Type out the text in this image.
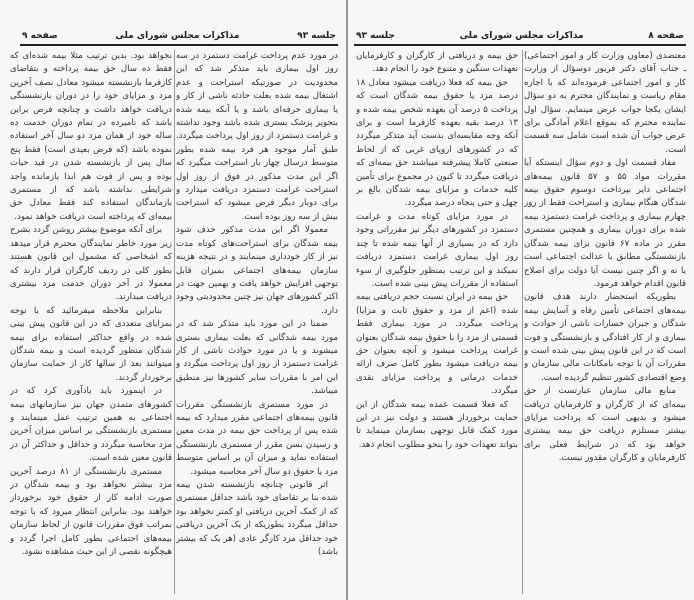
جلسه ۹۳
مذاکرات مجلس شورای ملی
صفحه ۹

در مورد عدم پرداخت غرامت دستمزد در سه روز اول بیماری باید متذکر شد که این محدودیت در صورتیکه استراحت و عدم اشتغال بیمه شده بعلت حادثه ناشی از کار و یا بیماری حرفه‌ای باشد و یا آنکه بیمه شده بتجویز پزشک بستری شده باشد وجود نداشته و غرامت دستمزد از روز اول پرداخت میگردد. طبق آمار موجود هر فرد بیمه شده بطور متوسط درسال چهار بار استراحت میگیرد که اگر این مدت مذکور در فوق از روز اول استراحت غرامت دستمزد دریافت میدارد و برای دوبار دیگر فرض میشود که استراحت بیش از سه روز بوده است.

معمولا اگر این مدت مذکور حذف شود بیمه شدگان برای استراحت‌های کوتاه مدت نیز از کار خودداری مینمایند و در نتیجه هزینه سازمان بیمه‌های اجتماعی بمیزان قابل توجهی افزایش خواهد یافت و بهمین جهت در اکثر کشورهای جهان نیز چنین محدودیتی وجود دارد.

ضمنا در این مورد باید متذکر شد که در مورد بیمه شدگانی که بعلت بیماری بستری میشوند و یا در مورد حوادث ناشی از کار غرامت دستمزد از روز اول پرداخت میگردد و این امر با مقررات سایر کشورها نیز منطبق میباشد.

در مورد مستمری بازنشستگی مقررات قانون بیمه‌های اجتماعی مقرر میدارد که بیمه شده پس از پرداخت حق بیمه در مدت معین و رسیدن بسن مقرر از مستمری بازنشستگی استفاده نماید و میزان آن بر اساس متوسط مزد یا حقوق دو سال آخر محاسبه میشود.

اثر قانونی چنانچه بازنشسته شدن بیمه شده بنا بر تقاضای خود باشد حداقل مستمری که از کمک آخرین دریافتی او کمتر نخواهد بود حداقل میگردد بطوریکه از یک آخرین دریافتی خود حداقل مزد کارگر عادی (هر یک که بیشتر باشد)

نخواهد بود. بدین ترتیب مثلا بیمه شده‌ای که فقط ده سال حق بیمه پرداخته و بتقاضای کارفرما بازنشسته میشود معادل نصف آخرین مزد و مزایای خود را در دوران بازنشستگی دریافت خواهد داشت و چنانچه فرض براین باشد که نامبرده در تمام دوران خدمت ده ساله خود از همان مزد دو سال آخر استفاده نموده باشد (که فرض بعیدی است) فقط پنج سال پس از بازنشسته شدن در قید حیات بوده و پس از فوت هم ابدا بازمانده واجد شرایطی نداشته باشد که از مستمری بازماندگان استفاده کند فقط معادل حق بیمه‌ای که پرداخته است دریافت خواهد نمود.

برای آنکه موضوع بیشتر روشن گردد بشرح زیر مورد خاطر نمایندگان محترم قرار میدهد که اشخاصی که مشمول این قانون هستند بطور کلی در ردیف کارگران قرار دارند که معمولا در آخر دوران خدمت مزد بیشتری دریافت میدارند.

بنابراین ملاحظه میفرمائید که با توجه بمزایای متعددی که در این قانون پیش بینی شده در واقع حداکثر استفاده برای بیمه شدگان منظور گردیده است و بیمه شدگان میتوانند بعد از سالها کار از حمایت سازمان برخوردار گردند.

در اینمورد باید یادآوری کرد که در کشورهای متمدن جهان نیز سازمانهای بیمه اجتماعی به همین ترتیب عمل مینمایند و مستمری بازنشستگی بر اساس میزان آخرین مزد محاسبه میگردد و حداقل و حداکثر آن در قانون معین شده است.

مستمری بازنشستگی از ۸۱ درصد آخرین مزد بیشتر نخواهد بود و بیمه شدگان در صورت ادامه کار از حقوق خود برخوردار خواهند بود. بنابراین انتظار میرود که با توجه بمراتب فوق مقررات قانون از لحاظ سازمان بیمه‌های اجتماعی بطور کامل اجرا گردد و هیچگونه نقصی از این حیث مشاهده نشود.

صفحه ۸
مذاکرات مجلس شورای ملی
جلسه ۹۳

معتضدی (معاون وزارت کار و امور اجتماعی) ـ جناب آقای دکتر فریور دوسؤال از وزارت کار و امور اجتماعی فرموده‌اند که با اجازه مقام ریاست و نمایندگان محترم به دو سؤال ایشان یکجا جواب عرض مینمایم. سؤال اول نماینده محترم که بموقع اعلام آمادگی برای عرض جواب آن شده است شامل سه قسمت است.

مفاد قسمت اول و دوم سؤال اینستکه آیا مقررات مواد ۵۵ و ۵۷ قانون بیمه‌های اجتماعی دایر بپرداخت دوسوم حقوق بیمه شدگان هنگام بیماری و استراحت فقط از روز چهارم بیماری و پرداخت غرامت دستمزد بیمه شده برای دوران بیماری و همچنین مستمری مقرر در ماده ۶۷ قانون برای بیمه شدگان بازنشستگی مطابق با عدالت اجتماعی است یا نه و اگر چنین نیست آیا دولت برای اصلاح قانون اقدام خواهد فرمود.

بطوریکه استحضار دارند هدف قانون بیمه‌های اجتماعی تأمین رفاه و آسایش بیمه شدگان و جبران خسارات ناشی از حوادث و بیماری و از کار افتادگی و بازنشستگی و فوت است که در این قانون پیش بینی شده است و مقررات آن با توجه بامکانات مالی سازمان و وضع اقتصادی کشور تنظیم گردیده است.

منابع مالی سازمان عبارتست از حق بیمه‌ای که از کارگران و کارفرمایان دریافت میشود و بدیهی است که پرداخت مزایای بیشتر مستلزم دریافت حق بیمه بیشتری خواهد بود که در شرایط فعلی برای کارفرمایان و کارگران مقدور نیست.

حق بیمه و دریافتی از کارگران و کارفرمایان تعهدات سنگین و متنوع خود را انجام دهد.

حق بیمه که فعلا دریافت میشود معادل ۱۸ درصد مزد یا حقوق بیمه شدگان است که پرداخت ۵ درصد آن بعهده شخص بیمه شده و ۱۳ درصد بقیه بعهده کارفرما است و برای آنکه وجه مقایسه‌ای بدست آید متذکر میگردد که در کشورهای اروپای غربی که از لحاظ صنعتی کاملا پیشرفته میباشند حق بیمه‌ای که دریافت میگردد تا کنون در مجموع برای تأمین کلیه خدمات و مزایای بیمه شدگان بالغ بر چهل و حتی پنجاه درصد میگردد.

در مورد مزایای کوتاه مدت و غرامت دستمزد در کشورهای دیگر نیز مقرراتی وجود دارد که در بسیاری از آنها بیمه شده تا چند روز اول بیماری غرامت دستمزد دریافت نمیکند و این ترتیب بمنظور جلوگیری از سوء استفاده از مقررات پیش بینی شده است.

حق بیمه در ایران نسبت حجم دریافتی بیمه شده (اعم از مزد و حقوق ثابت و مزایا) پرداخت میگردد. در مورد بیماری فقط قسمتی از مزد را با حقوق بیمه شدگان بعنوان غرامت پرداخت میشود و آنچه بعنوان حق بیمه دریافت میشود بطور کامل صرف ارائه خدمات درمانی و پرداخت مزایای نقدی میگردد.

که فعلا قسمت عمده بیمه شدگان از این حمایت برخوردار هستند و دولت نیز در این مورد کمک قابل توجهی بسازمان مینماید تا بتواند تعهدات خود را بنحو مطلوب انجام دهد.
